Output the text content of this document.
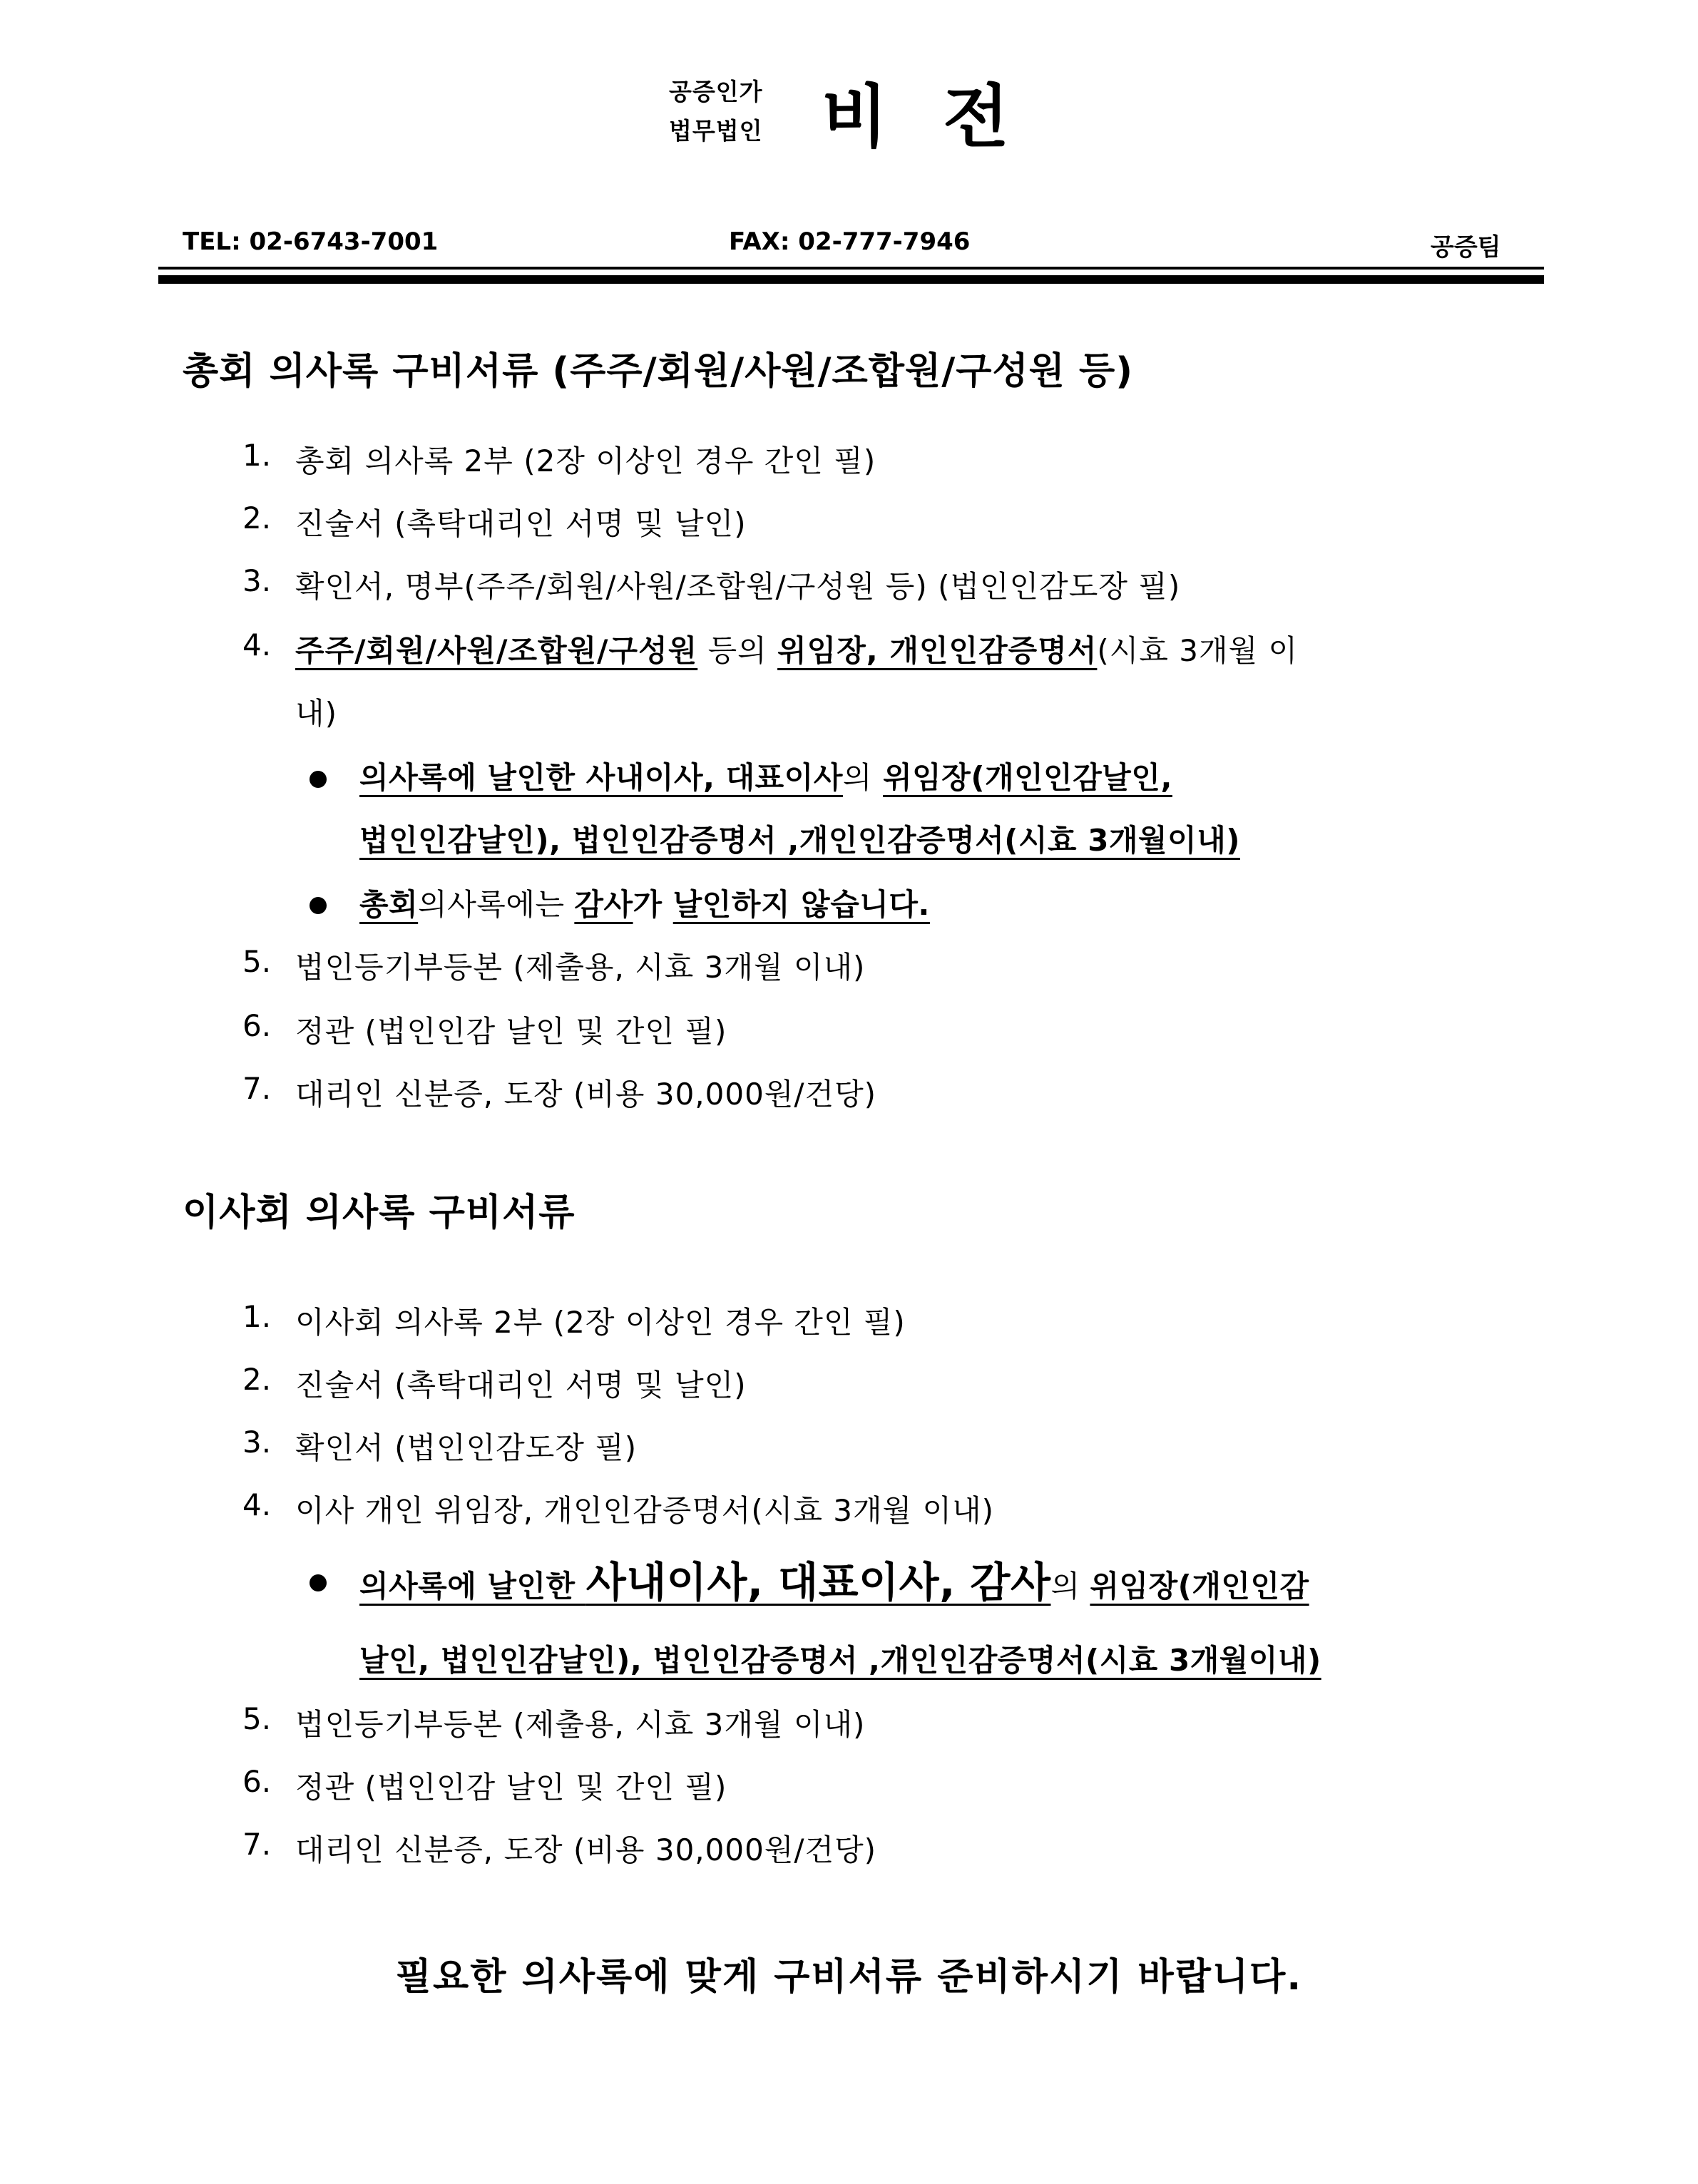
공증인가
법무법인 비 전
TEL: 02-6743-7001	FAX: 02-777-7946	공증팀
총회 의사록 구비서류 (주주/회원/사원/조합원/구성원 등)
1. 총회 의사록 2부 (2장 이상인 경우 간인 필)
2. 진술서 (촉탁대리인 서명 및 날인)
3. 확인서, 명부(주주/회원/사원/조합원/구성원 등) (법인인감도장 필)
4. 주주/회원/사원/조합원/구성원 등의 위임장, 개인인감증명서(시효 3개월 이
내)
의사록에 날인한 사내이사, 대표이사의 위임장(개인인감날인,
법인인감날인), 법인인감증명서 ,개인인감증명서(시효 3개월이내)
총회의사록에는 감사가 날인하지 않습니다.
5. 법인등기부등본 (제출용, 시효 3개월 이내)
6. 정관 (법인인감 날인 및 간인 필)
7. 대리인 신분증, 도장 (비용 30,000원/건당)
이사회 의사록 구비서류
1. 이사회 의사록 2부 (2장 이상인 경우 간인 필)
2. 진술서 (촉탁대리인 서명 및 날인)
3. 확인서 (법인인감도장 필)
4. 이사 개인 위임장, 개인인감증명서(시효 3개월 이내)
의사록에 날인한 사내이사, 대표이사, 감사의 위임장(개인인감
날인, 법인인감날인), 법인인감증명서 ,개인인감증명서(시효 3개월이내)
5. 법인등기부등본 (제출용, 시효 3개월 이내)
6. 정관 (법인인감 날인 및 간인 필)
7. 대리인 신분증, 도장 (비용 30,000원/건당)
필요한 의사록에 맞게 구비서류 준비하시기 바랍니다.
